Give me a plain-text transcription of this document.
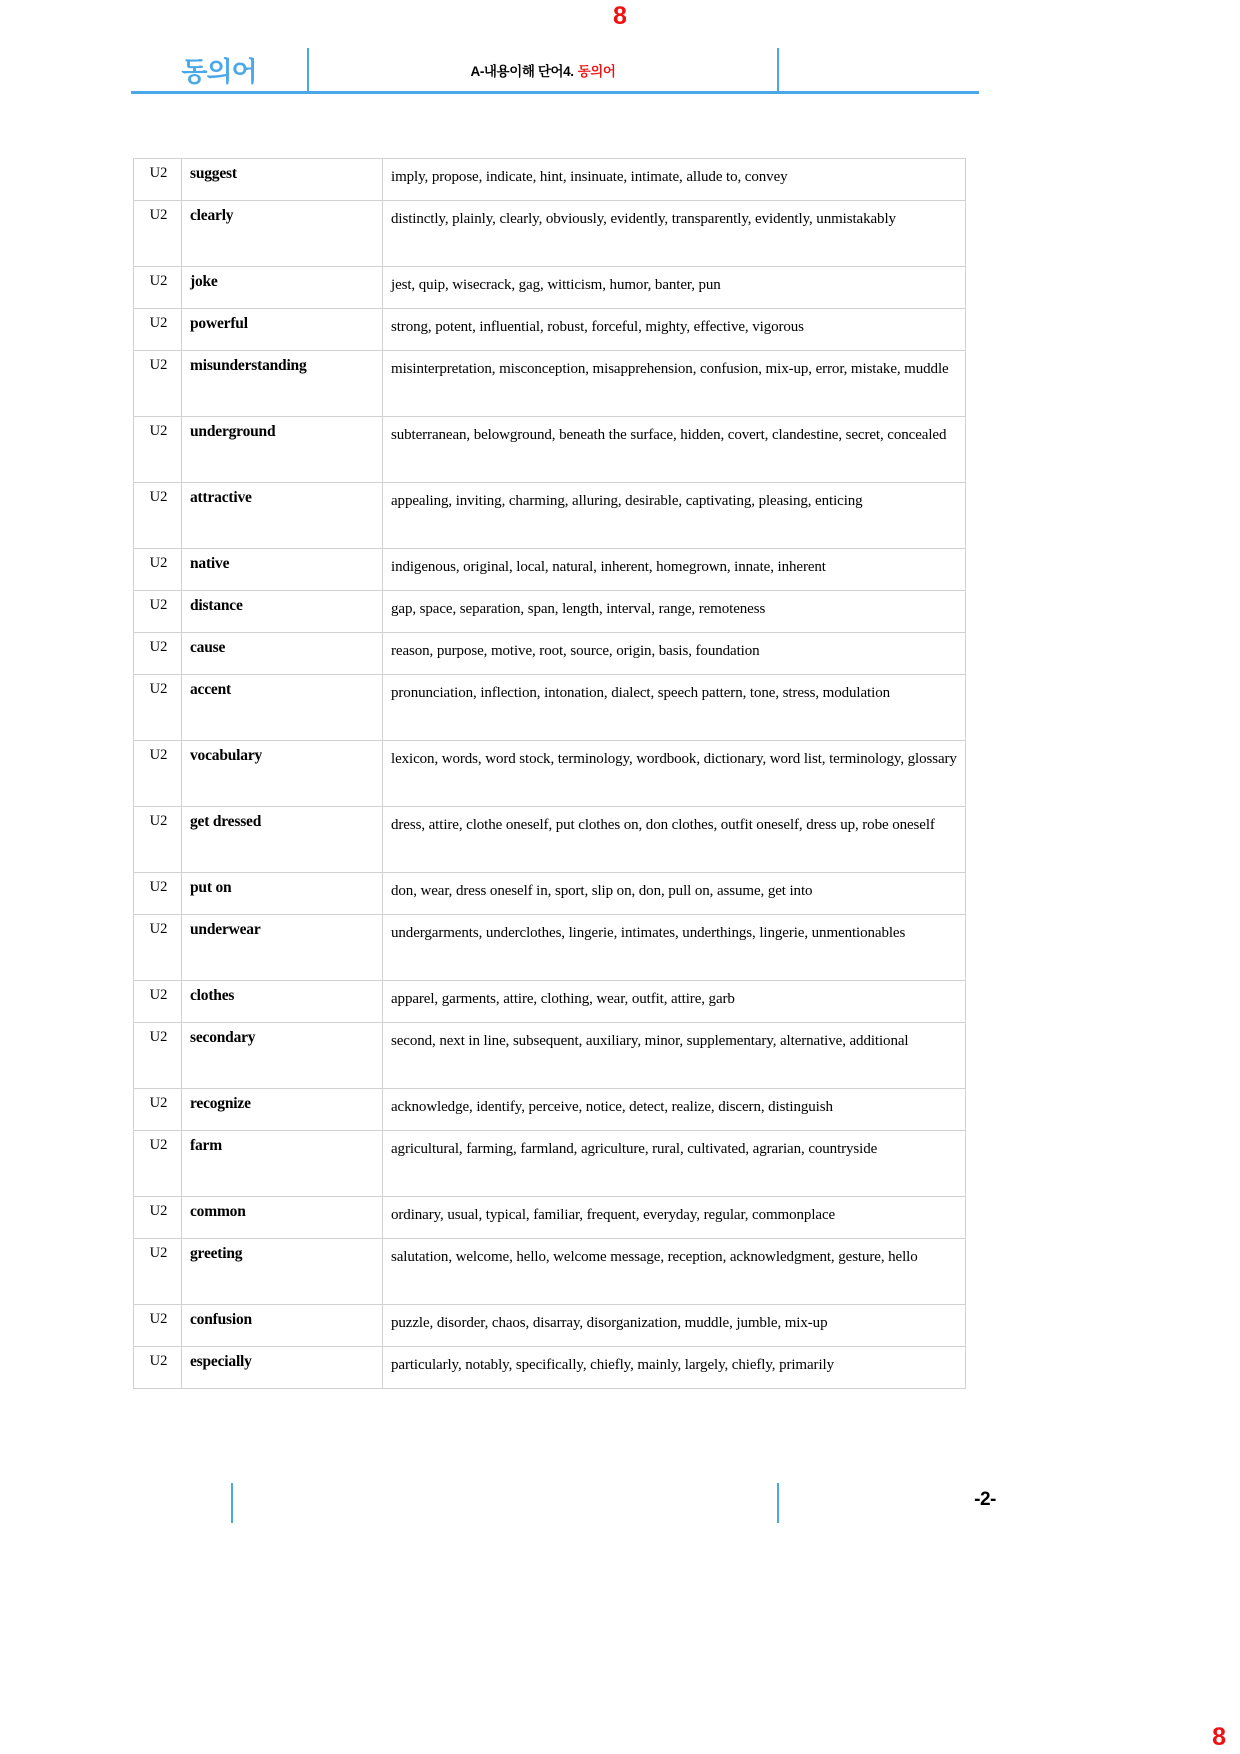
8
동의어	A-내용이해 단어4. 동의어
U2	suggest	imply, propose, indicate, hint, insinuate, intimate, allude to, convey
U2	clearly	distinctly, plainly, clearly, obviously, evidently, transparently, evidently, unmistakably
U2	joke	jest, quip, wisecrack, gag, witticism, humor, banter, pun
U2	powerful	strong, potent, influential, robust, forceful, mighty, effective, vigorous
U2	misunderstanding	misinterpretation, misconception, misapprehension, confusion, mix-up, error, mistake, muddle
U2	underground	subterranean, belowground, beneath the surface, hidden, covert, clandestine, secret, concealed
U2	attractive	appealing, inviting, charming, alluring, desirable, captivating, pleasing, enticing
U2	native	indigenous, original, local, natural, inherent, homegrown, innate, inherent
U2	distance	gap, space, separation, span, length, interval, range, remoteness
U2	cause	reason, purpose, motive, root, source, origin, basis, foundation
U2	accent	pronunciation, inflection, intonation, dialect, speech pattern, tone, stress, modulation
U2	vocabulary	lexicon, words, word stock, terminology, wordbook, dictionary, word list, terminology, glossary
U2	get dressed	dress, attire, clothe oneself, put clothes on, don clothes, outfit oneself, dress up, robe oneself
U2	put on	don, wear, dress oneself in, sport, slip on, don, pull on, assume, get into
U2	underwear	undergarments, underclothes, lingerie, intimates, underthings, lingerie, unmentionables
U2	clothes	apparel, garments, attire, clothing, wear, outfit, attire, garb
U2	secondary	second, next in line, subsequent, auxiliary, minor, supplementary, alternative, additional
U2	recognize	acknowledge, identify, perceive, notice, detect, realize, discern, distinguish
U2	farm	agricultural, farming, farmland, agriculture, rural, cultivated, agrarian, countryside
U2	common	ordinary, usual, typical, familiar, frequent, everyday, regular, commonplace
U2	greeting	salutation, welcome, hello, welcome message, reception, acknowledgment, gesture, hello
U2	confusion	puzzle, disorder, chaos, disarray, disorganization, muddle, jumble, mix-up
U2	especially	particularly, notably, specifically, chiefly, mainly, largely, chiefly, primarily
-2-
8
